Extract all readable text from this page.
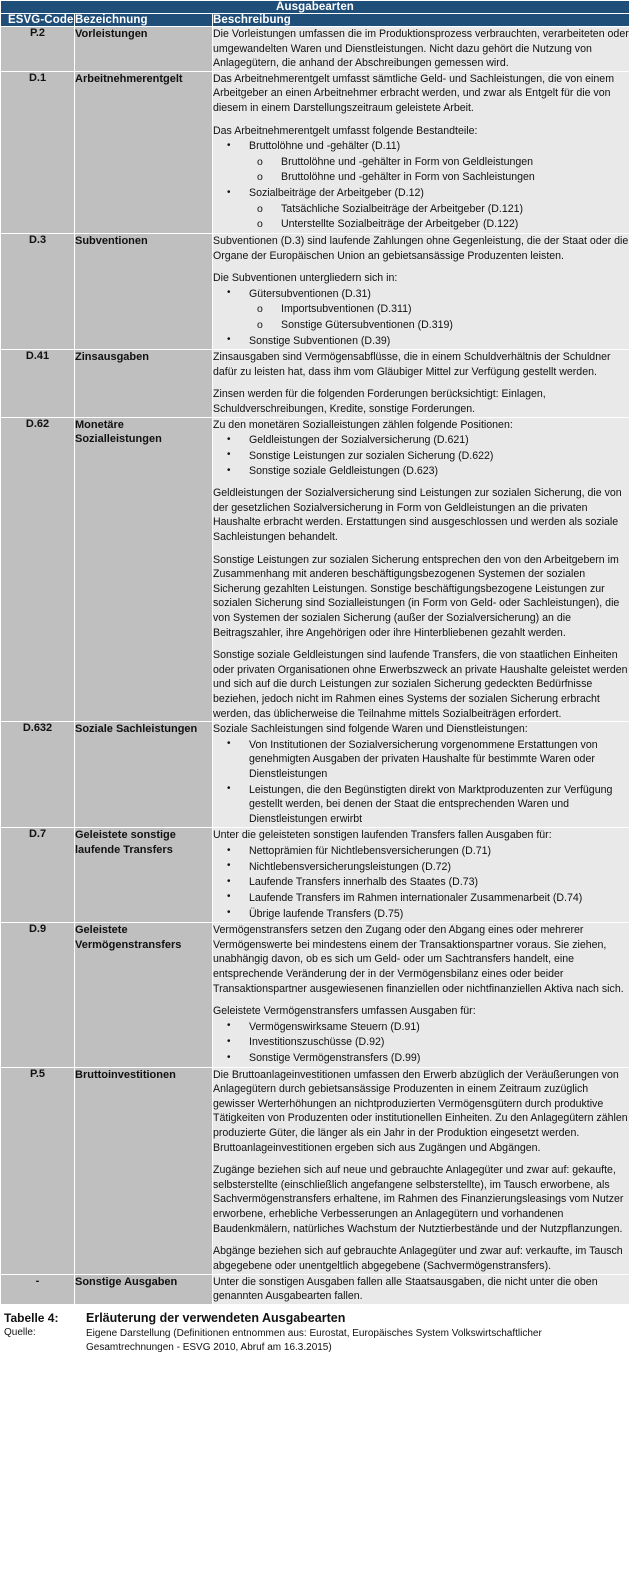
Ausgabearten		
ESVG-Code	Bezeichnung	Beschreibung
P.2	Vorleistungen	Die Vorleistungen umfassen die im Produktionsprozess verbrauchten, verarbeiteten oder umgewandelten Waren und Dienstleistungen. Nicht dazu gehört die Nutzung von Anlagegütern, die anhand der Abschreibungen gemessen wird.

D.1	Arbeitnehmerentgelt	Das Arbeitnehmerentgelt umfasst sämtliche Geld- und Sachleistungen, die von einem Arbeitgeber an einen Arbeitnehmer erbracht werden, und zwar als Entgelt für die von diesem in einem Darstellungszeitraum geleistete Arbeit.

Das Arbeitnehmerentgelt umfasst folgende Bestandteile:

• Bruttolöhne und -gehälter (D.11)
o Bruttolöhne und -gehälter in Form von Geldleistungen
o Bruttolöhne und -gehälter in Form von Sachleistungen
• Sozialbeiträge der Arbeitgeber (D.12)
o Tatsächliche Sozialbeiträge der Arbeitgeber (D.121)
o Unterstellte Sozialbeiträge der Arbeitgeber (D.122)

D.3	Subventionen	Subventionen (D.3) sind laufende Zahlungen ohne Gegenleistung, die der Staat oder die Organe der Europäischen Union an gebietsansässige Produzenten leisten.

Die Subventionen untergliedern sich in:

• Gütersubventionen (D.31)
o Importsubventionen (D.311)
o Sonstige Gütersubventionen (D.319)
• Sonstige Subventionen (D.39)

D.41	Zinsausgaben	Zinsausgaben sind Vermögensabflüsse, die in einem Schuldverhältnis der Schuldner dafür zu leisten hat, dass ihm vom Gläubiger Mittel zur Verfügung gestellt werden.

Zinsen werden für die folgenden Forderungen berücksichtigt: Einlagen, Schuldverschreibungen, Kredite, sonstige Forderungen.

D.62	Monetäre Sozialleistungen	

Zu den monetären Sozialleistungen zählen folgende Positionen:

• Geldleistungen der Sozialversicherung (D.621)
• Sonstige Leistungen zur sozialen Sicherung (D.622)
• Sonstige soziale Geldleistungen (D.623)

Geldleistungen der Sozialversicherung sind Leistungen zur sozialen Sicherung, die von der gesetzlichen Sozialversicherung in Form von Geldleistungen an die privaten Haushalte erbracht werden. Erstattungen sind ausgeschlossen und werden als soziale Sachleistungen behandelt.

Sonstige Leistungen zur sozialen Sicherung entsprechen den von den Arbeitgebern im Zusammenhang mit anderen beschäftigungsbezogenen Systemen der sozialen Sicherung gezahlten Leistungen. Sonstige beschäftigungsbezogene Leistungen zur sozialen Sicherung sind Sozialleistungen (in Form von Geld- oder Sachleistungen), die von Systemen der sozialen Sicherung (außer der Sozialversicherung) an die Beitragszahler, ihre Angehörigen oder ihre Hinterbliebenen gezahlt werden.

Sonstige soziale Geldleistungen sind laufende Transfers, die von staatlichen Einheiten oder privaten Organisationen ohne Erwerbszweck an private Haushalte geleistet werden und sich auf die durch Leistungen zur sozialen Sicherung gedeckten Bedürfnisse beziehen, jedoch nicht im Rahmen eines Systems der sozialen Sicherung erbracht werden, das üblicherweise die Teilnahme mittels Sozialbeiträgen erfordert.

D.632	Soziale Sachleistungen	Soziale Sachleistungen sind folgende Waren und Dienstleistungen:

• Von Institutionen der Sozialversicherung vorgenommene Erstattungen von genehmigten Ausgaben der privaten Haushalte für bestimmte Waren oder Dienstleistungen
• Leistungen, die den Begünstigten direkt von Marktproduzenten zur Verfügung gestellt werden, bei denen der Staat die entsprechenden Waren und Dienstleistungen erwirbt

D.7	Geleistete sonstige laufende Transfers	

Unter die geleisteten sonstigen laufenden Transfers fallen Ausgaben für:

• Nettoprämien für Nichtlebensversicherungen (D.71)
• Nichtlebensversicherungsleistungen (D.72)
• Laufende Transfers innerhalb des Staates (D.73)
• Laufende Transfers im Rahmen internationaler Zusammenarbeit (D.74)
• Übrige laufende Transfers (D.75)

D.9	Geleistete Vermögenstransfers	

Vermögenstransfers setzen den Zugang oder den Abgang eines oder mehrerer Vermögenswerte bei mindestens einem der Transaktionspartner voraus. Sie ziehen, unabhängig davon, ob es sich um Geld- oder um Sachtransfers handelt, eine entsprechende Veränderung der in der Vermögensbilanz eines oder beider Transaktionspartner ausgewiesenen finanziellen oder nichtfinanziellen Aktiva nach sich.

Geleistete Vermögenstransfers umfassen Ausgaben für:

• Vermögenswirksame Steuern (D.91)
• Investitionszuschüsse (D.92)
• Sonstige Vermögenstransfers (D.99)

P.5	Bruttoinvestitionen	Die Bruttoanlageinvestitionen umfassen den Erwerb abzüglich der Veräußerungen von Anlagegütern durch gebietsansässige Produzenten in einem Zeitraum zuzüglich gewisser Werterhöhungen an nichtproduzierten Vermögensgütern durch produktive Tätigkeiten von Produzenten oder institutionellen Einheiten. Zu den Anlagegütern zählen produzierte Güter, die länger als ein Jahr in der Produktion eingesetzt werden. Bruttoanlageinvestitionen ergeben sich aus Zugängen und Abgängen.

Zugänge beziehen sich auf neue und gebrauchte Anlagegüter und zwar auf: gekaufte, selbsterstellte (einschließlich angefangene selbsterstellte), im Tausch erworbene, als Sachvermögenstransfers erhaltene, im Rahmen des Finanzierungsleasings vom Nutzer erworbene, erhebliche Verbesserungen an Anlagegütern und vorhandenen Baudenkmälern, natürliches Wachstum der Nutztierbestände und der Nutzpflanzungen.

Abgänge beziehen sich auf gebrauchte Anlagegüter und zwar auf: verkaufte, im Tausch abgegebene oder unentgeltlich abgegebene (Sachvermögenstransfers).

-	Sonstige Ausgaben	Unter die sonstigen Ausgaben fallen alle Staatsausgaben, die nicht unter die oben genannten Ausgabearten fallen.

Tabelle 4:	Erläuterung der verwendeten Ausgabearten
Quelle:	Eigene Darstellung (Definitionen entnommen aus: Eurostat, Europäisches System Volkswirtschaftlicher Gesamtrechnungen - ESVG 2010, Abruf am 16.3.2015)
